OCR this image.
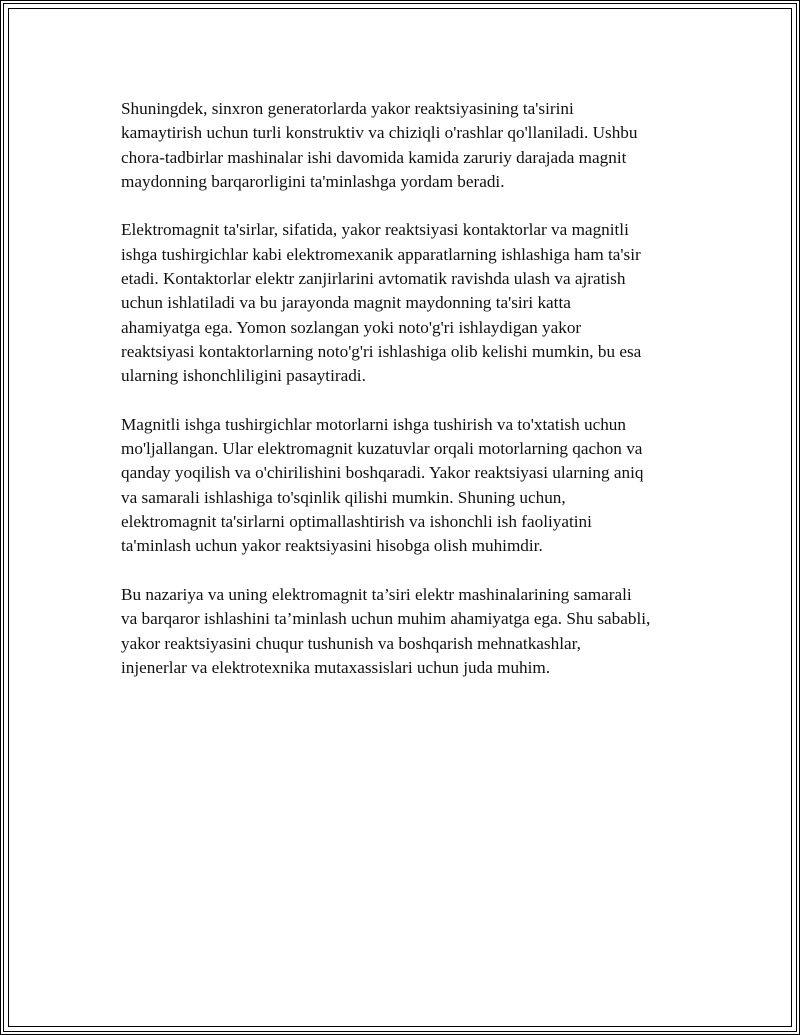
Shuningdek, sinxron generatorlarda yakor reaktsiyasining ta'sirini
kamaytirish uchun turli konstruktiv va chiziqli o'rashlar qo'llaniladi. Ushbu
chora-tadbirlar mashinalar ishi davomida kamida zaruriy darajada magnit
maydonning barqarorligini ta'minlashga yordam beradi.

Elektromagnit ta'sirlar, sifatida, yakor reaktsiyasi kontaktorlar va magnitli
ishga tushirgichlar kabi elektromexanik apparatlarning ishlashiga ham ta'sir
etadi. Kontaktorlar elektr zanjirlarini avtomatik ravishda ulash va ajratish
uchun ishlatiladi va bu jarayonda magnit maydonning ta'siri katta
ahamiyatga ega. Yomon sozlangan yoki noto'g'ri ishlaydigan yakor
reaktsiyasi kontaktorlarning noto'g'ri ishlashiga olib kelishi mumkin, bu esa
ularning ishonchliligini pasaytiradi.

Magnitli ishga tushirgichlar motorlarni ishga tushirish va to'xtatish uchun
mo'ljallangan. Ular elektromagnit kuzatuvlar orqali motorlarning qachon va
qanday yoqilish va o'chirilishini boshqaradi. Yakor reaktsiyasi ularning aniq
va samarali ishlashiga to'sqinlik qilishi mumkin. Shuning uchun,
elektromagnit ta'sirlarni optimallashtirish va ishonchli ish faoliyatini
ta'minlash uchun yakor reaktsiyasini hisobga olish muhimdir.

Bu nazariya va uning elektromagnit ta’siri elektr mashinalarining samarali
va barqaror ishlashini ta’minlash uchun muhim ahamiyatga ega. Shu sababli,
yakor reaktsiyasini chuqur tushunish va boshqarish mehnatkashlar,
injenerlar va elektrotexnika mutaxassislari uchun juda muhim.
